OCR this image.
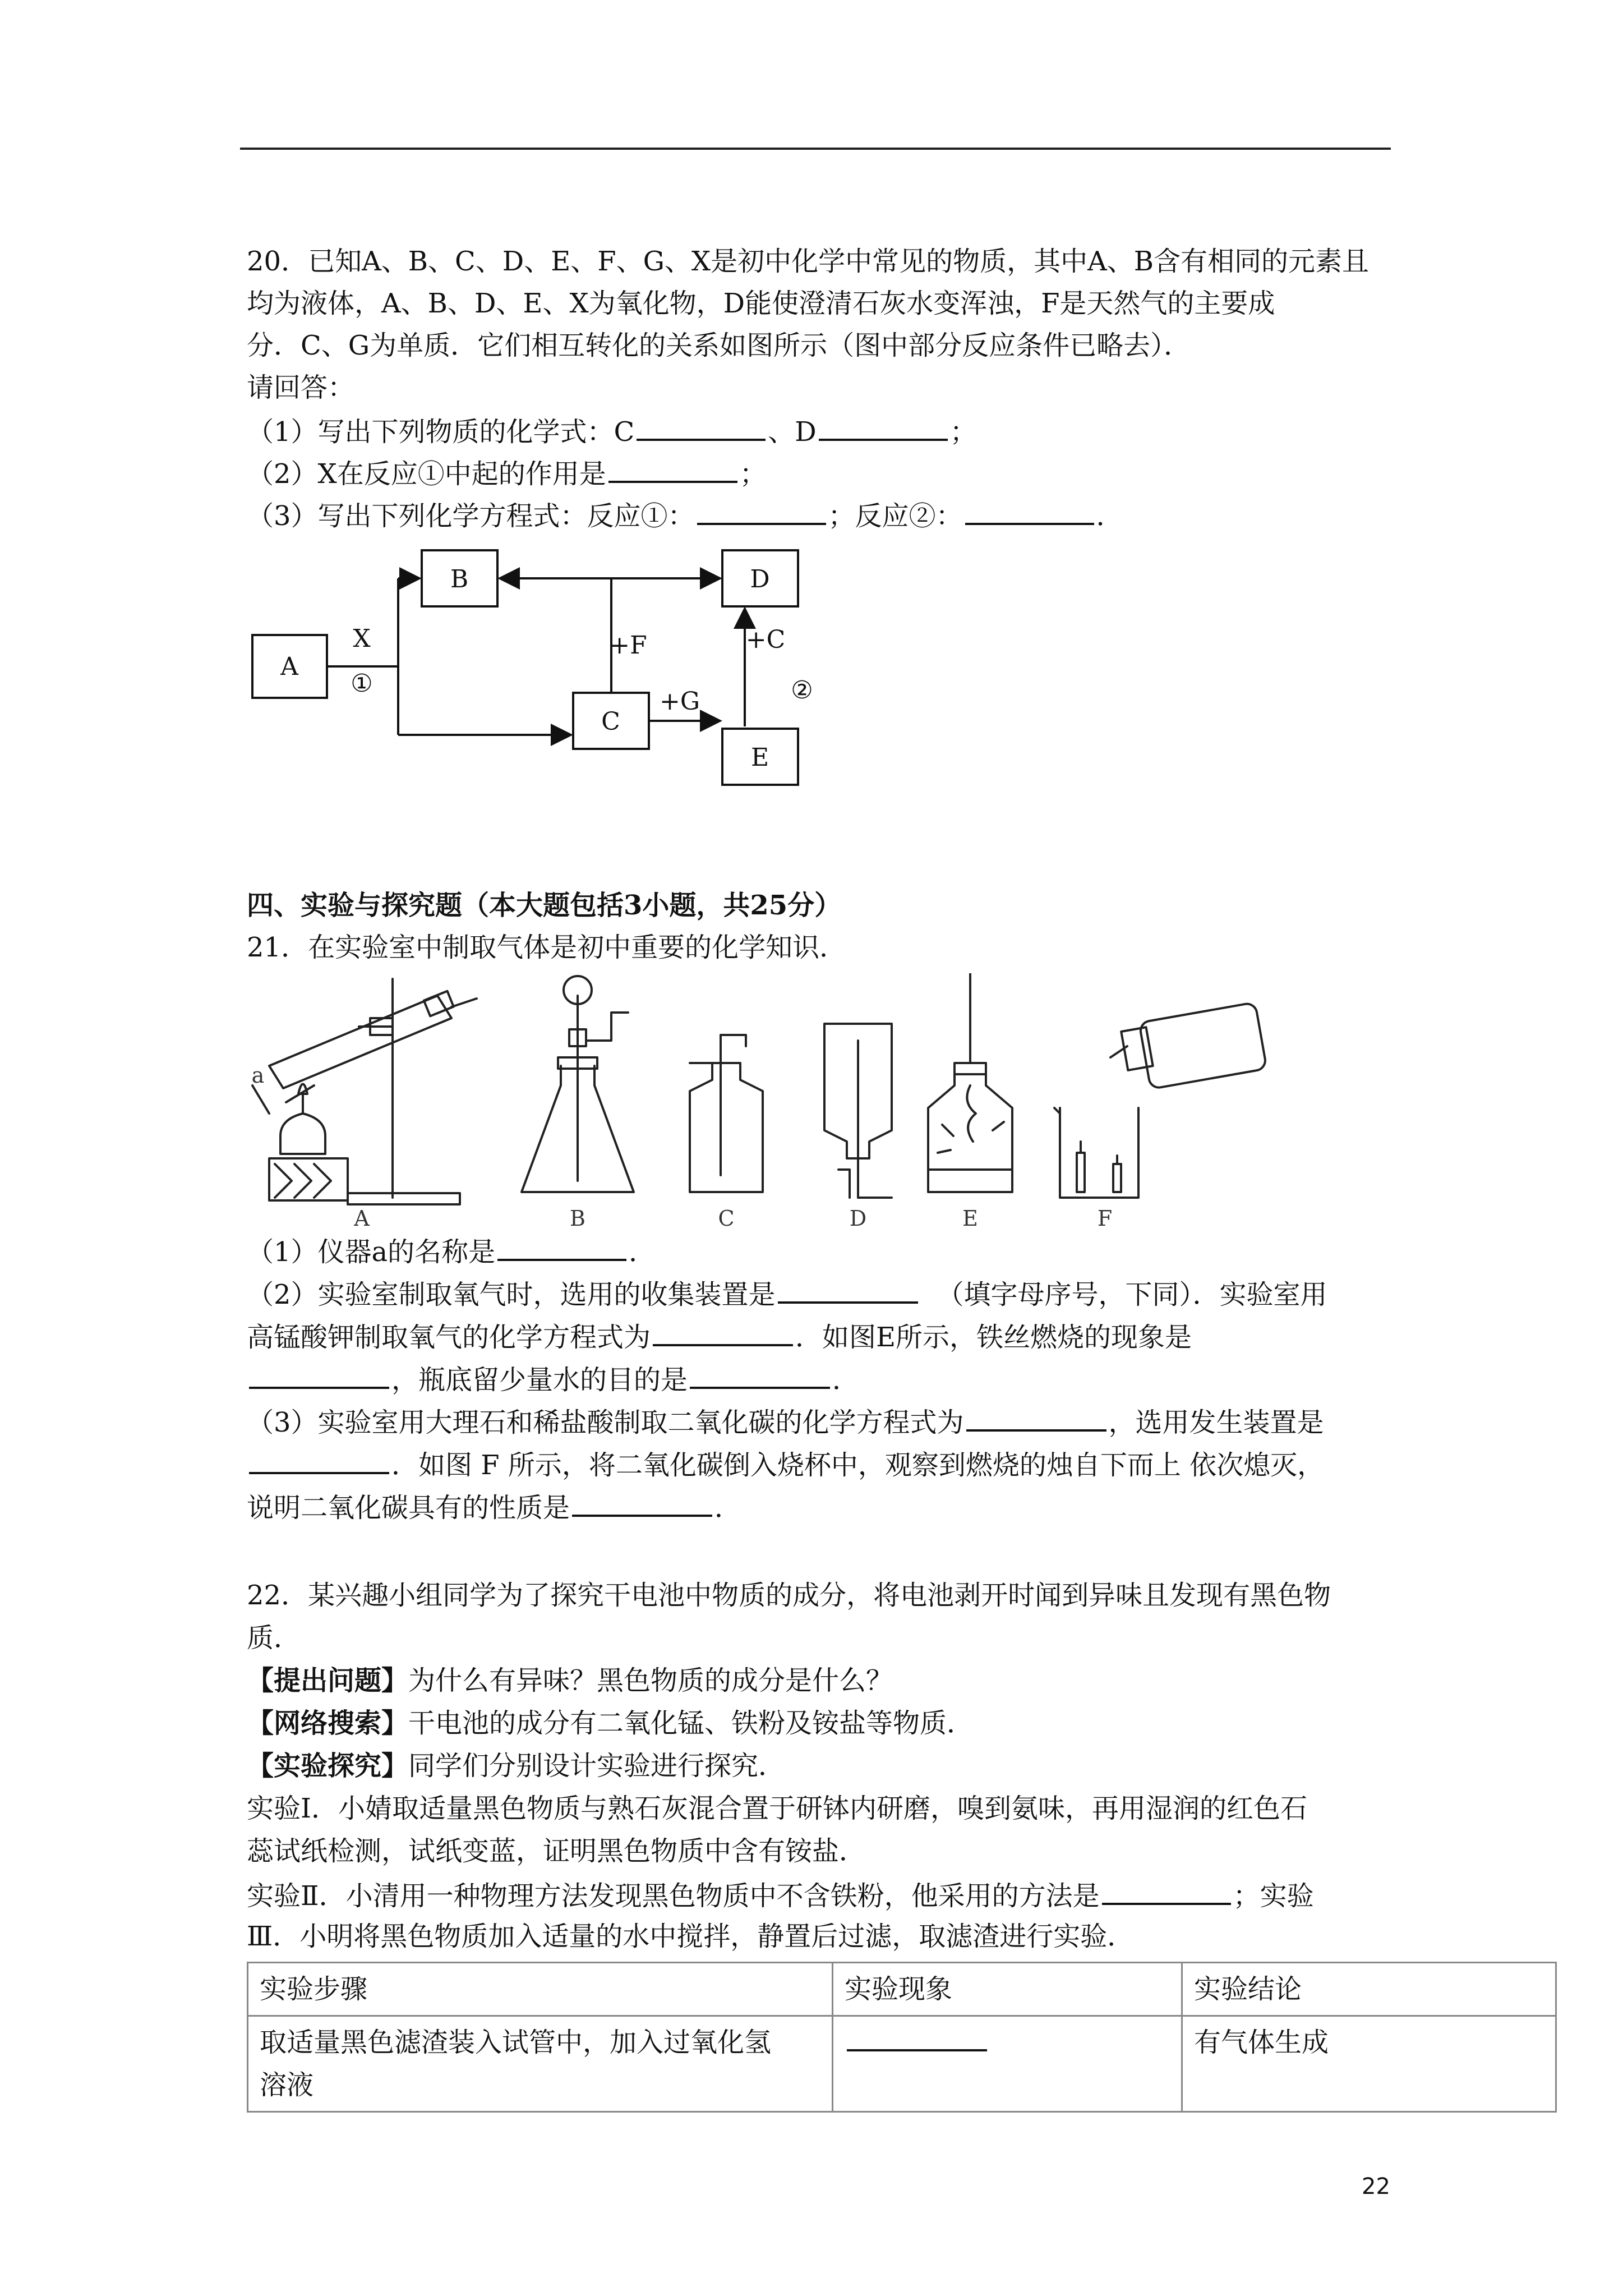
20．已知A、B、C、D、E、F、G、X是初中化学中常见的物质，其中A、B含有相同的元素且
均为液体，A、B、D、E、X为氧化物，D能使澄清石灰水变浑浊，F是天然气的主要成
分．C、G为单质．它们相互转化的关系如图所示（图中部分反应条件已略去）．
请回答：
（1）写出下列物质的化学式：C	、D	；
（2）X在反应①中起的作用是	；
（3）写出下列化学方程式：反应①：	；反应②：	．
A
B
C
D
E
X
①	②
+F
+G
+C
四、实验与探究题（本大题包括3小题，共25分）
21．在实验室中制取气体是初中重要的化学知识．
a
A	B	C	D	E	F
（1）仪器a的名称是	．
（2）实验室制取氧气时，选用的收集装置是	（填字母序号，下同）．实验室用
高锰酸钾制取氧气的化学方程式为	．如图E所示，铁丝燃烧的现象是
，瓶底留少量水的目的是	．
（3）实验室用大理石和稀盐酸制取二氧化碳的化学方程式为	，选用发生装置是
．如图 F 所示，将二氧化碳倒入烧杯中，观察到燃烧的烛自下而上 依次熄灭，
说明二氧化碳具有的性质是	．
22．某兴趣小组同学为了探究干电池中物质的成分，将电池剥开时闻到异味且发现有黑色物
质．
【提出问题】为什么有异味？黑色物质的成分是什么？
【网络搜索】干电池的成分有二氧化锰、铁粉及铵盐等物质．
【实验探究】同学们分别设计实验进行探究．
实验Ⅰ．小婧取适量黑色物质与熟石灰混合置于研钵内研磨，嗅到氨味，再用湿润的红色石
蕊试纸检测，试纸变蓝，证明黑色物质中含有铵盐．
实验Ⅱ．小清用一种物理方法发现黑色物质中不含铁粉，他采用的方法是	；实验
Ⅲ．小明将黑色物质加入适量的水中搅拌，静置后过滤，取滤渣进行实验．
实验步骤	实验现象	实验结论

取适量黑色滤渣装入试管中，加入过氧化氢
溶液		有气体生成
22
